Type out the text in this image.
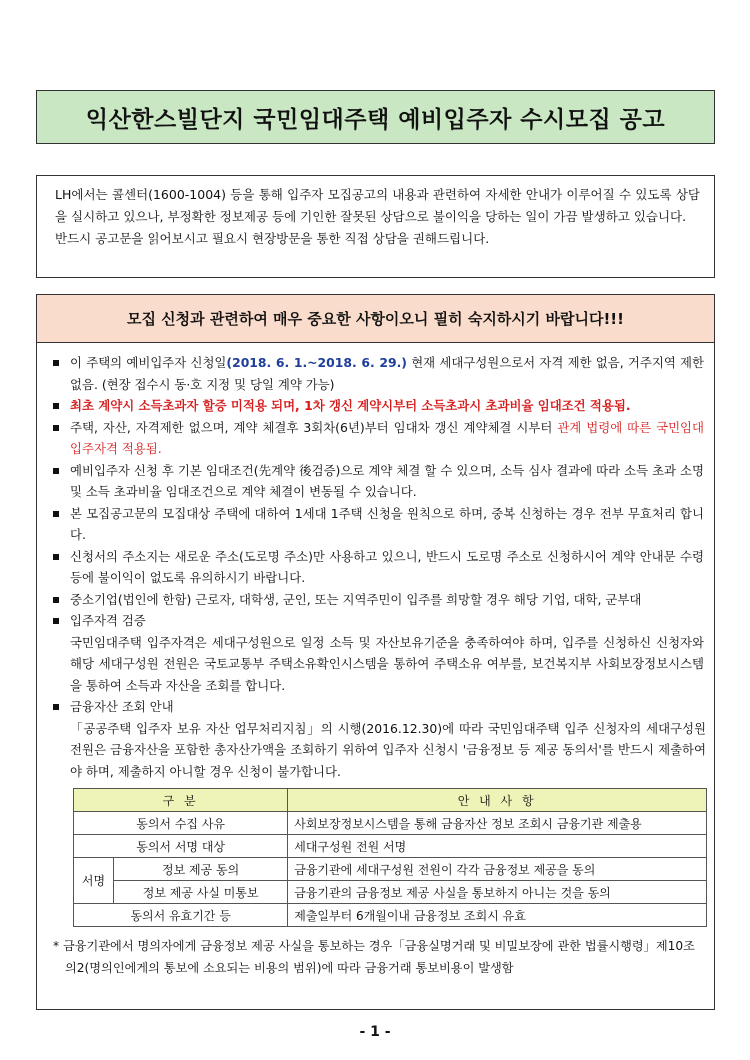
익산한스빌단지 국민임대주택 예비입주자 수시모집 공고

LH에서는 콜센터(1600-1004) 등을 통해 입주자 모집공고의 내용과 관련하여 자세한 안내가 이루어질 수 있도록 상담을 실시하고 있으나, 부정확한 정보제공 등에 기인한 잘못된 상담으로 불이익을 당하는 일이 가끔 발생하고 있습니다.

반드시 공고문을 읽어보시고 필요시 현장방문을 통한 직접 상담을 권해드립니다.

모집 신청과 관련하여 매우 중요한 사항이오니 필히 숙지하시기 바랍니다!!!
이 주택의 예비입주자 신청일(2018. 6. 1.~2018. 6. 29.) 현재 세대구성원으로서 자격 제한 없음, 거주지역 제한 없음. (현장 접수시 동·호 지정 및 당일 계약 가능)
최초 계약시 소득초과자 할증 미적용 되며, 1차 갱신 계약시부터 소득초과시 초과비율 임대조건 적용됨.
주택, 자산, 자격제한 없으며, 계약 체결후 3회차(6년)부터 임대차 갱신 계약체결 시부터 관계 법령에 따른 국민임대 입주자격 적용됨.
예비입주자 신청 후 기본 임대조건(先계약 後검증)으로 계약 체결 할 수 있으며, 소득 심사 결과에 따라 소득 초과 소명 및 소득 초과비율 임대조건으로 계약 체결이 변동될 수 있습니다.
본 모집공고문의 모집대상 주택에 대하여 1세대 1주택 신청을 원칙으로 하며, 중복 신청하는 경우 전부 무효처리 합니다.
신청서의 주소지는 새로운 주소(도로명 주소)만 사용하고 있으니, 반드시 도로명 주소로 신청하시어 계약 안내문 수령 등에 불이익이 없도록 유의하시기 바랍니다.
중소기업(법인에 한함) 근로자, 대학생, 군인, 또는 지역주민이 입주를 희망할 경우 해당 기업, 대학, 군부대
입주자격 검증

국민임대주택 입주자격은 세대구성원으로 일정 소득 및 자산보유기준을 충족하여야 하며, 입주를 신청하신 신청자와 해당 세대구성원 전원은 국토교통부 주택소유확인시스템을 통하여 주택소유 여부를, 보건복지부 사회보장정보시스템을 통하여 소득과 자산을 조회를 합니다.

금융자산 조회 안내

「공공주택 입주자 보유 자산 업무처리지침」의 시행(2016.12.30)에 따라 국민임대주택 입주 신청자의 세대구성원 전원은 금융자산을 포함한 총자산가액을 조회하기 위하여 입주자 신청시 '금융정보 등 제공 동의서'를 반드시 제출하여야 하며, 제출하지 아니할 경우 신청이 불가합니다.

구 분		안 내 사 항
동의서 수집 사유		사회보장정보시스템을 통해 금융자산 정보 조회시 금융기관 제출용
동의서 서명 대상		세대구성원 전원 서명
서명	정보 제공 동의	금융기관에 세대구성원 전원이 각각 금융정보 제공을 동의
	정보 제공 사실 미통보	금융기관의 금융정보 제공 사실을 통보하지 아니는 것을 동의
동의서 유효기간 등		제출일부터 6개월이내 금융정보 조회시 유효

* 금융기관에서 명의자에게 금융정보 제공 사실을 통보하는 경우「금융실명거래 및 비밀보장에 관한 법률시행령」제10조의2(명의인에게의 통보에 소요되는 비용의 범위)에 따라 금융거래 통보비용이 발생함

- 1 -
